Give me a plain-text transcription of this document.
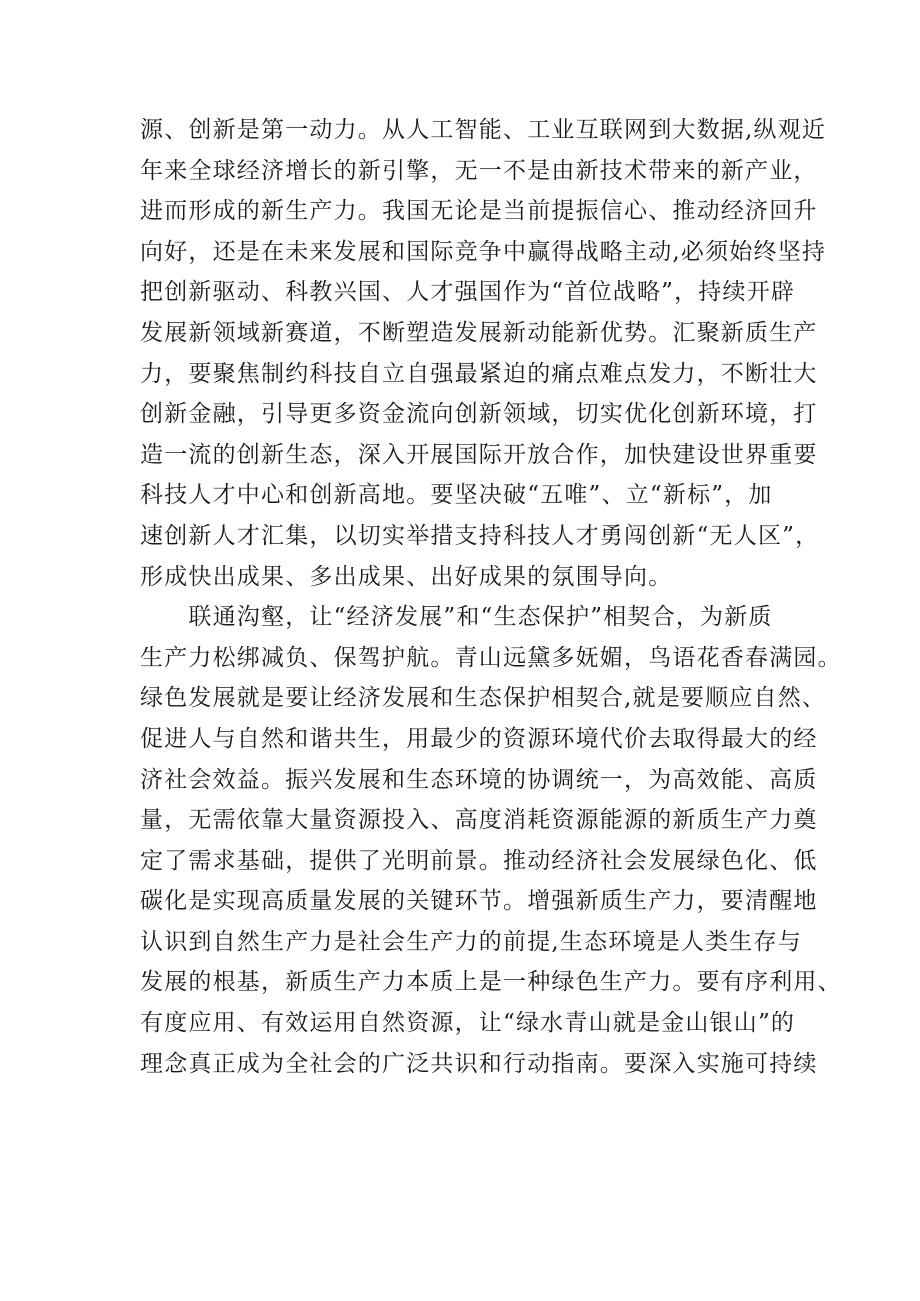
源、创新是第一动力。从人工智能、工业互联网到大数据,纵观近
年来全球经济增长的新引擎，无一不是由新技术带来的新产业，
进而形成的新生产力。我国无论是当前提振信心、推动经济回升
向好，还是在未来发展和国际竞争中赢得战略主动,必须始终坚持
把创新驱动、科教兴国、人才强国作为“首位战略”，持续开辟
发展新领域新赛道，不断塑造发展新动能新优势。汇聚新质生产
力，要聚焦制约科技自立自强最紧迫的痛点难点发力，不断壮大
创新金融，引导更多资金流向创新领域，切实优化创新环境，打
造一流的创新生态，深入开展国际开放合作，加快建设世界重要
科技人才中心和创新高地。要坚决破“五唯”、立“新标”，加
速创新人才汇集，以切实举措支持科技人才勇闯创新“无人区”，
形成快出成果、多出成果、出好成果的氛围导向。
　　联通沟壑，让“经济发展”和“生态保护”相契合，为新质
生产力松绑减负、保驾护航。青山远黛多妩媚，鸟语花香春满园。
绿色发展就是要让经济发展和生态保护相契合,就是要顺应自然、
促进人与自然和谐共生，用最少的资源环境代价去取得最大的经
济社会效益。振兴发展和生态环境的协调统一，为高效能、高质
量，无需依靠大量资源投入、高度消耗资源能源的新质生产力奠
定了需求基础，提供了光明前景。推动经济社会发展绿色化、低
碳化是实现高质量发展的关键环节。增强新质生产力，要清醒地
认识到自然生产力是社会生产力的前提,生态环境是人类生存与
发展的根基，新质生产力本质上是一种绿色生产力。要有序利用、
有度应用、有效运用自然资源，让“绿水青山就是金山银山”的
理念真正成为全社会的广泛共识和行动指南。要深入实施可持续
